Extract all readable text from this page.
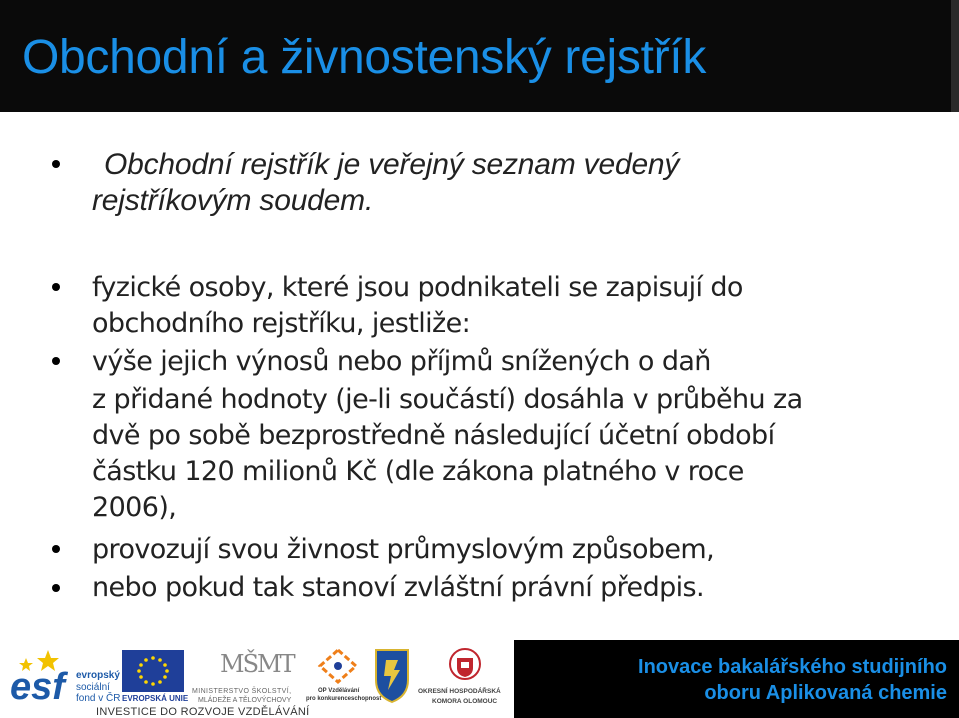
Obchodní a živnostenský rejstřík
Obchodní rejstřík je veřejný seznam vedený
rejstříkovým soudem.
fyzické osoby, které jsou podnikateli se zapisují do
obchodního rejstříku, jestliže:
výše jejich výnosů nebo příjmů snížených o daň
z přidané hodnoty (je-li součástí) dosáhla v průběhu za
dvě po sobě bezprostředně následující účetní období
částku 120 milionů Kč (dle zákona platného v roce
2006),
provozují svou živnost průmyslovým způsobem,
nebo pokud tak stanoví zvláštní právní předpis.
esf evropský
sociální
fond v ČR EVROPSKÁ UNIE
MŠMT
MINISTERSTVO ŠKOLSTVÍ,
MLÁDEŽE A TĚLOVÝCHOVY
OP Vzdělávání
pro konkurenceschopnost
OKRESNÍ HOSPODÁŘSKÁ
KOMORA OLOMOUC
Inovace bakalářského studijního
oboru Aplikovaná chemie
INVESTICE DO ROZVOJE VZDĚLÁVÁNÍ
